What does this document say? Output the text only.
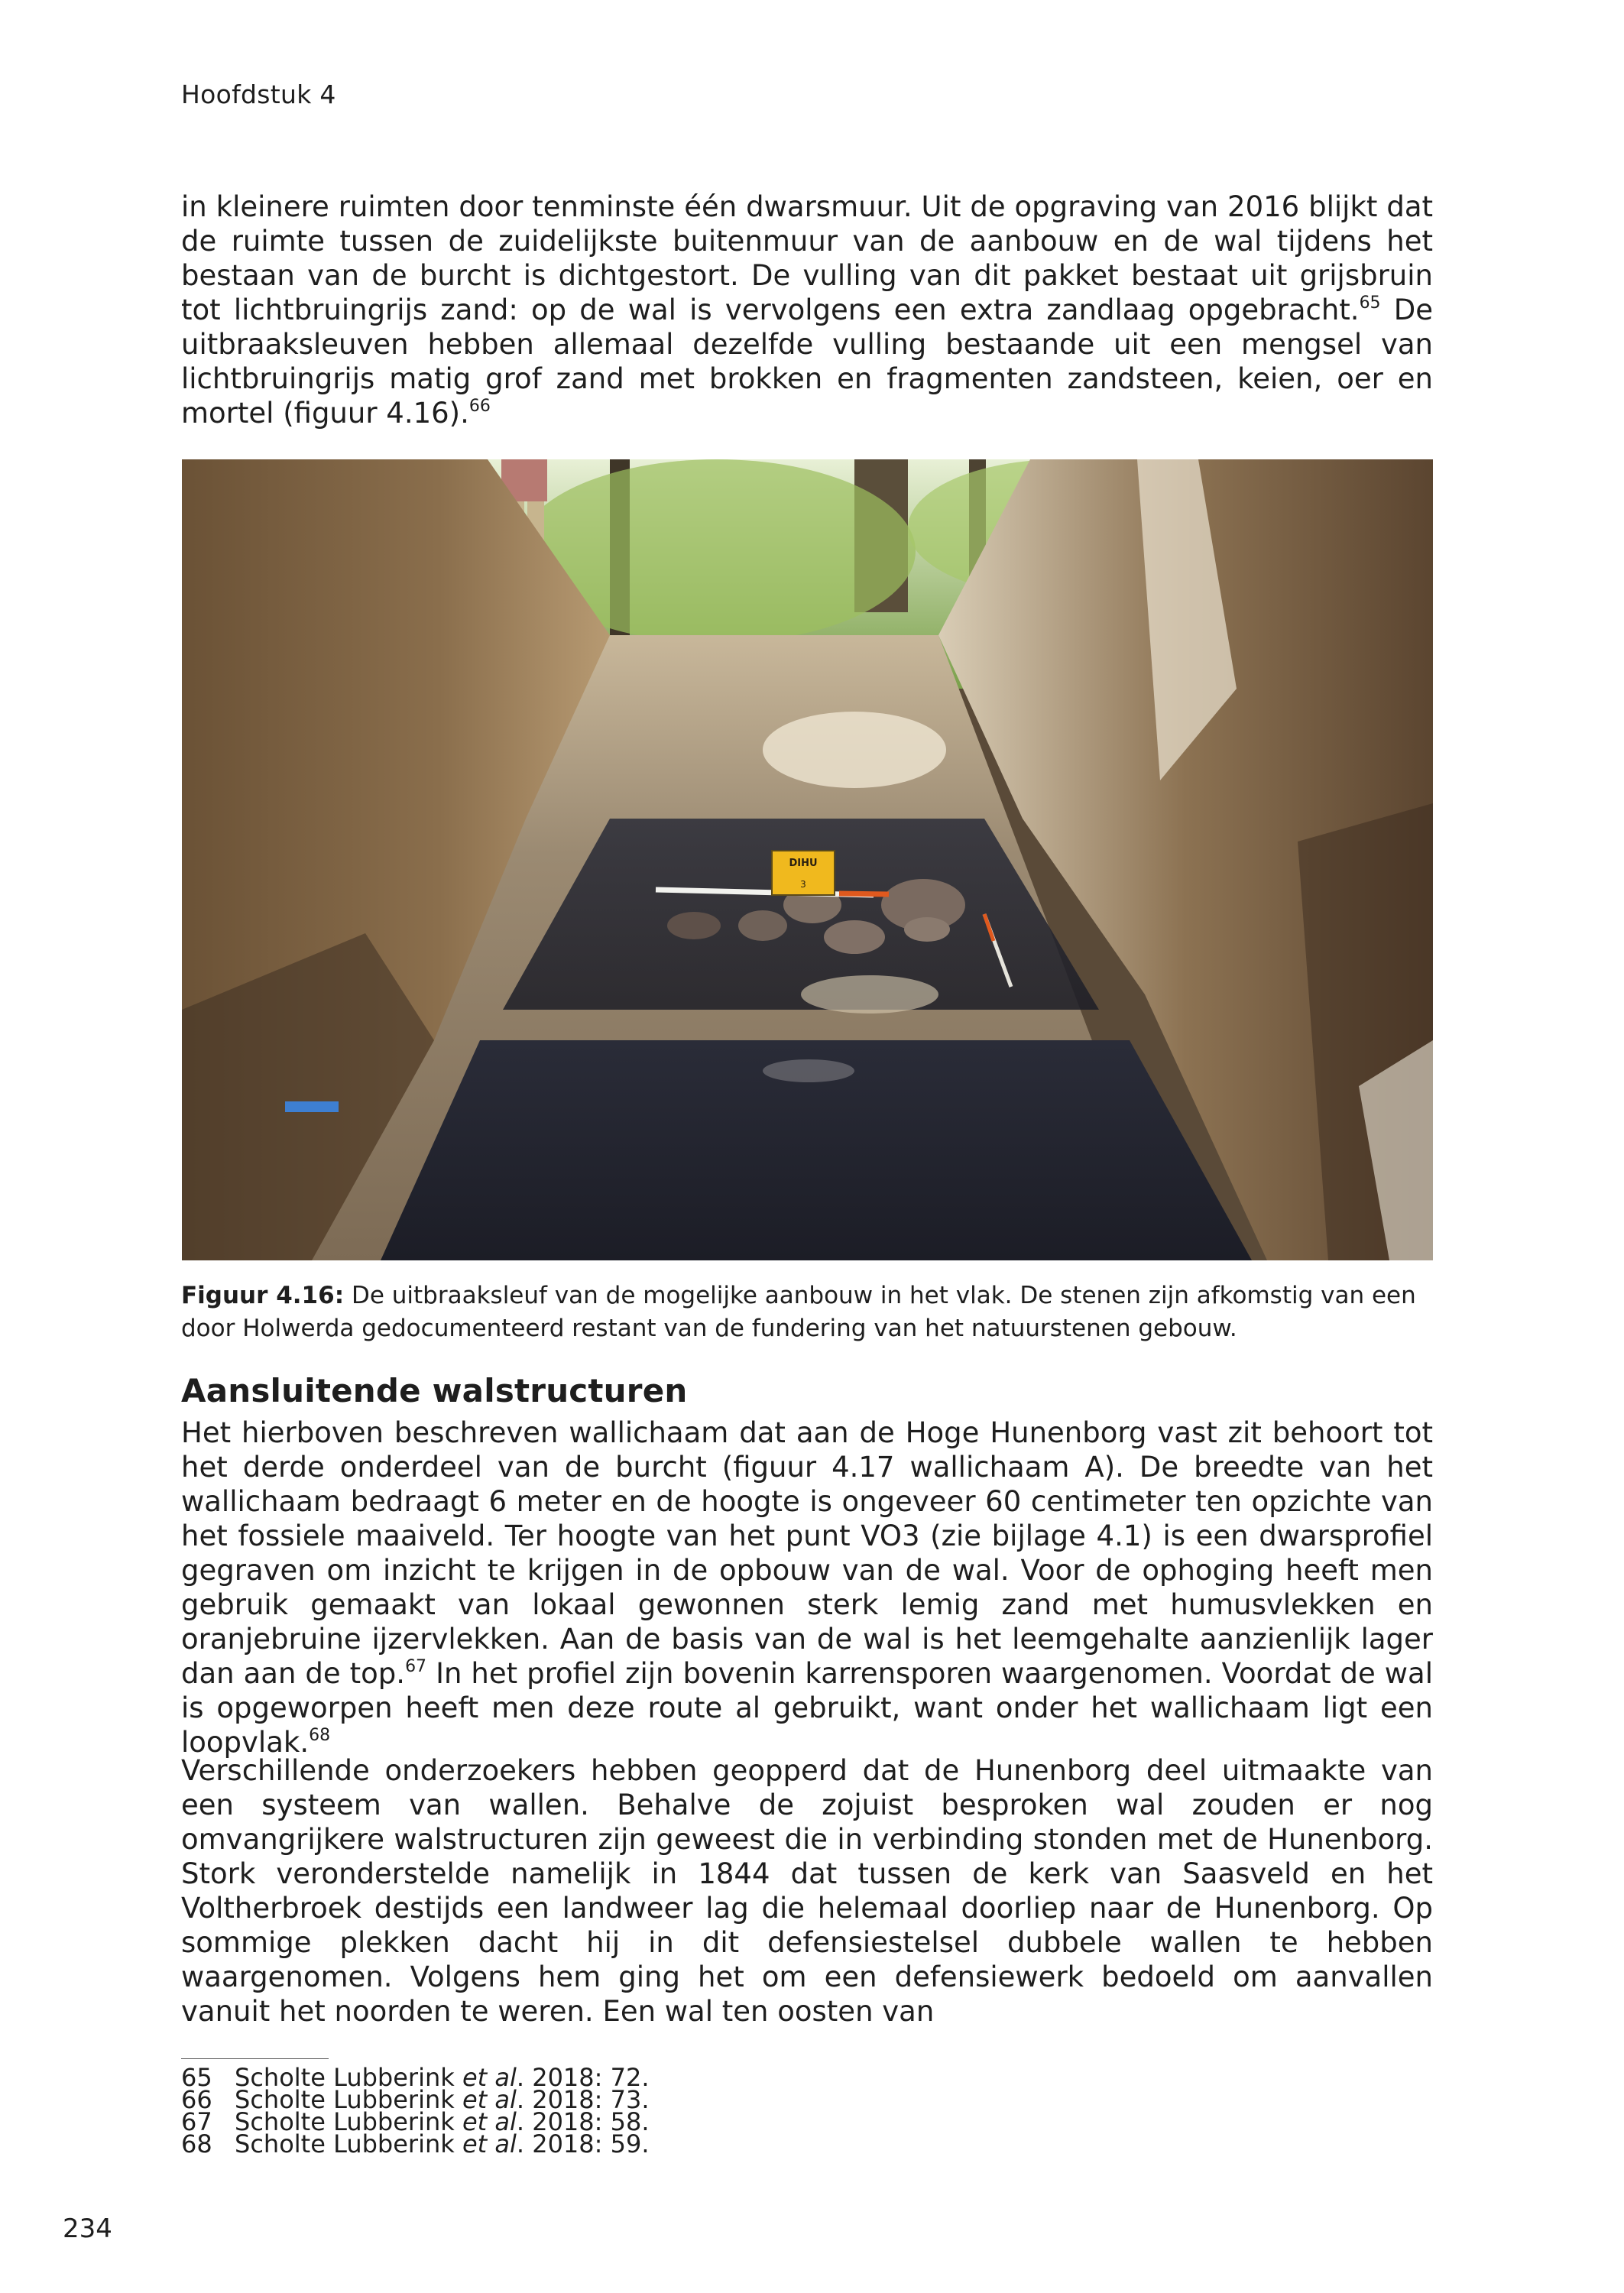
Hoofdstuk 4

in kleinere ruimten door tenminste één dwarsmuur. Uit de opgraving van 2016 blijkt dat de ruimte tussen de zuidelijkste buitenmuur van de aanbouw en de wal tijdens het bestaan van de burcht is dichtgestort. De vulling van dit pakket bestaat uit grijsbruin tot lichtbruingrijs zand: op de wal is vervolgens een extra zandlaag opgebracht.$^{65}$ De uitbraaksleuven hebben allemaal dezelfde vulling bestaande uit een mengsel van lichtbruingrijs matig grof zand met brokken en fragmenten zandsteen, keien, oer en mortel (figuur 4.16).$^{66}$

DIHU
3
Figuur 4.16: De uitbraaksleuf van de mogelijke aanbouw in het vlak. De stenen zijn afkomstig van een door Holwerda gedocumenteerd restant van de fundering van het natuurstenen gebouw.
Aansluitende walstructuren

Het hierboven beschreven wallichaam dat aan de Hoge Hunenborg vast zit behoort tot het derde onderdeel van de burcht (figuur 4.17 wallichaam A). De breedte van het wallichaam bedraagt 6 meter en de hoogte is ongeveer 60 centimeter ten opzichte van het fossiele maaiveld. Ter hoogte van het punt VO3 (zie bijlage 4.1) is een dwarsprofiel gegraven om inzicht te krijgen in de opbouw van de wal. Voor de ophoging heeft men gebruik gemaakt van lokaal gewonnen sterk lemig zand met humusvlekken en oranjebruine ijzervlekken. Aan de basis van de wal is het leemgehalte aanzienlijk lager dan aan de top.$^{67}$ In het profiel zijn bovenin karrensporen waargenomen. Voordat de wal is opgeworpen heeft men deze route al gebruikt, want onder het wallichaam ligt een loopvlak.$^{68}$

Verschillende onderzoekers hebben geopperd dat de Hunenborg deel uitmaakte van een systeem van wallen. Behalve de zojuist besproken wal zouden er nog omvangrijkere walstructuren zijn geweest die in verbinding stonden met de Hunenborg. Stork veronderstelde namelijk in 1844 dat tussen de kerk van Saasveld en het Voltherbroek destijds een landweer lag die helemaal doorliep naar de Hunenborg. Op sommige plekken dacht hij in dit defensiestelsel dubbele wallen te hebben waargenomen. Volgens hem ging het om een defensiewerk bedoeld om aanvallen vanuit het noorden te weren. Een wal ten oosten van

65 Scholte Lubberink et al. 2018: 72.
66 Scholte Lubberink et al. 2018: 73.
67 Scholte Lubberink et al. 2018: 58.
68 Scholte Lubberink et al. 2018: 59.
234
